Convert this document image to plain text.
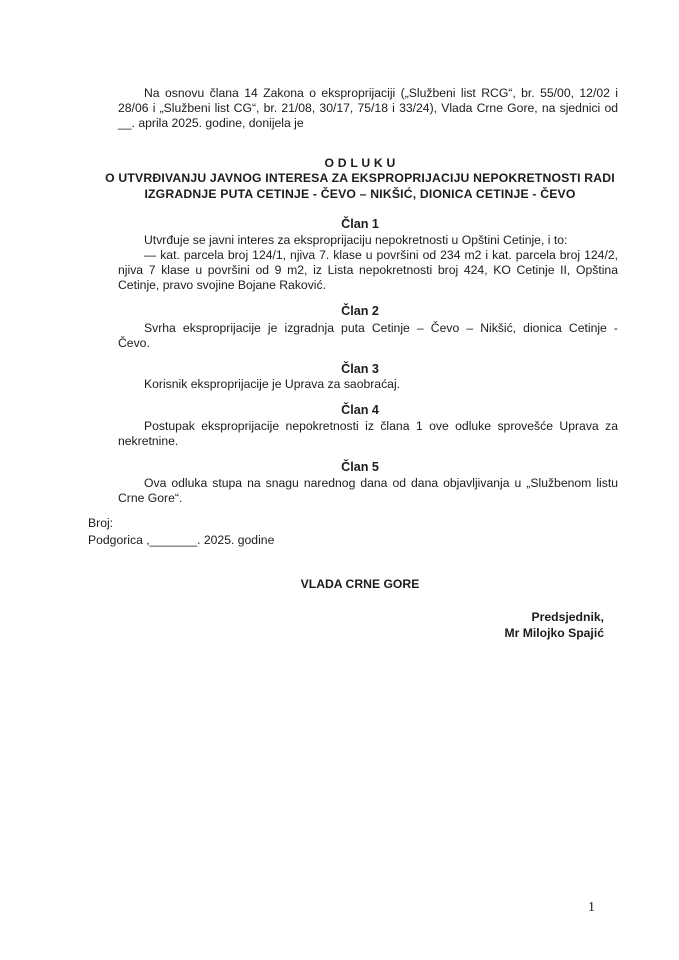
Na osnovu člana 14 Zakona o eksproprijaciji („Službeni list RCG“, br. 55/00, 12/02 i
28/06 i „Službeni list CG“, br. 21/08, 30/17, 75/18 i 33/24), Vlada Crne Gore, na sjednici od
__. aprila 2025. godine, donijela je
O D L U K U
O UTVRĐIVANJU JAVNOG INTERESA ZA EKSPROPRIJACIJU NEPOKRETNOSTI RADI
IZGRADNJE PUTA CETINJE - ČEVO – NIKŠIĆ, DIONICA CETINJE - ČEVO
Član 1
Utvrđuje se javni interes za eksproprijaciju nepokretnosti u Opštini Cetinje, i to:
— kat. parcela broj 124/1, njiva 7. klase u površini od 234 m2 i kat. parcela broj 124/2,
njiva 7 klase u površini od 9 m2, iz Lista nepokretnosti broj 424, KO Cetinje II, Opština
Cetinje, pravo svojine Bojane Raković.
Član 2
Svrha eksproprijacije je izgradnja puta Cetinje – Čevo – Nikšić, dionica Cetinje -
Čevo.
Član 3
Korisnik eksproprijacije je Uprava za saobraćaj.
Član 4
Postupak eksproprijacije nepokretnosti iz člana 1 ove odluke sprovešće Uprava za
nekretnine.
Član 5
Ova odluka stupa na snagu narednog dana od dana objavljivanja u „Službenom listu
Crne Gore“.
Broj:
Podgorica ,_______. 2025. godine
VLADA CRNE GORE
Predsjednik,
Mr Milojko Spajić
1
